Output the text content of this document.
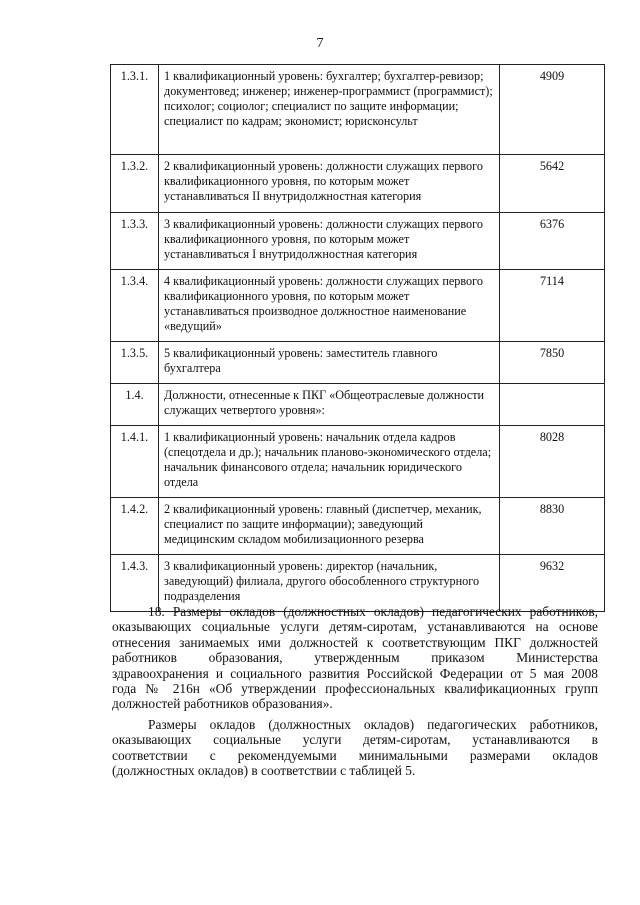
7
1.3.1.	1 квалификационный уровень: бухгалтер; бухгалтер-ревизор; документовед; инженер; инженер-программист (программист); психолог; социолог; специалист по защите информации; специалист по кадрам; экономист; юрисконсульт	4909
1.3.2.	2 квалификационный уровень: должности служащих первого квалификационного уровня, по которым может устанавливаться II внутридолжностная категория	5642
1.3.3.	3 квалификационный уровень: должности служащих первого квалификационного уровня, по которым может устанавливаться I внутридолжностная категория	6376
1.3.4.	4 квалификационный уровень: должности служащих первого квалификационного уровня, по которым может устанавливаться производное должностное наименование «ведущий»	7114
1.3.5.	5 квалификационный уровень: заместитель главного бухгалтера	7850
1.4.	Должности, отнесенные к ПКГ «Общеотраслевые должности служащих четвертого уровня»:	
1.4.1.	1 квалификационный уровень: начальник отдела кадров (спецотдела и др.); начальник планово-экономического отдела; начальник финансового отдела; начальник юридического отдела	8028
1.4.2.	2 квалификационный уровень: главный (диспетчер, механик, специалист по защите информации); заведующий медицинским складом мобилизационного резерва	8830
1.4.3.	3 квалификационный уровень: директор (начальник, заведующий) филиала, другого обособленного структурного подразделения	9632
18. Размеры окладов (должностных окладов) педагогических работников,
оказывающих социальные услуги детям-сиротам, устанавливаются на основе
отнесения занимаемых ими должностей к соответствующим ПКГ должностей
работников образования, утвержденным приказом Министерства
здравоохранения и социального развития Российской Федерации от 5 мая 2008
года № 216н «Об утверждении профессиональных квалификационных групп
должностей работников образования».
Размеры окладов (должностных окладов) педагогических работников,
оказывающих социальные услуги детям-сиротам, устанавливаются в
соответствии с рекомендуемыми минимальными размерами окладов
(должностных окладов) в соответствии с таблицей 5.
